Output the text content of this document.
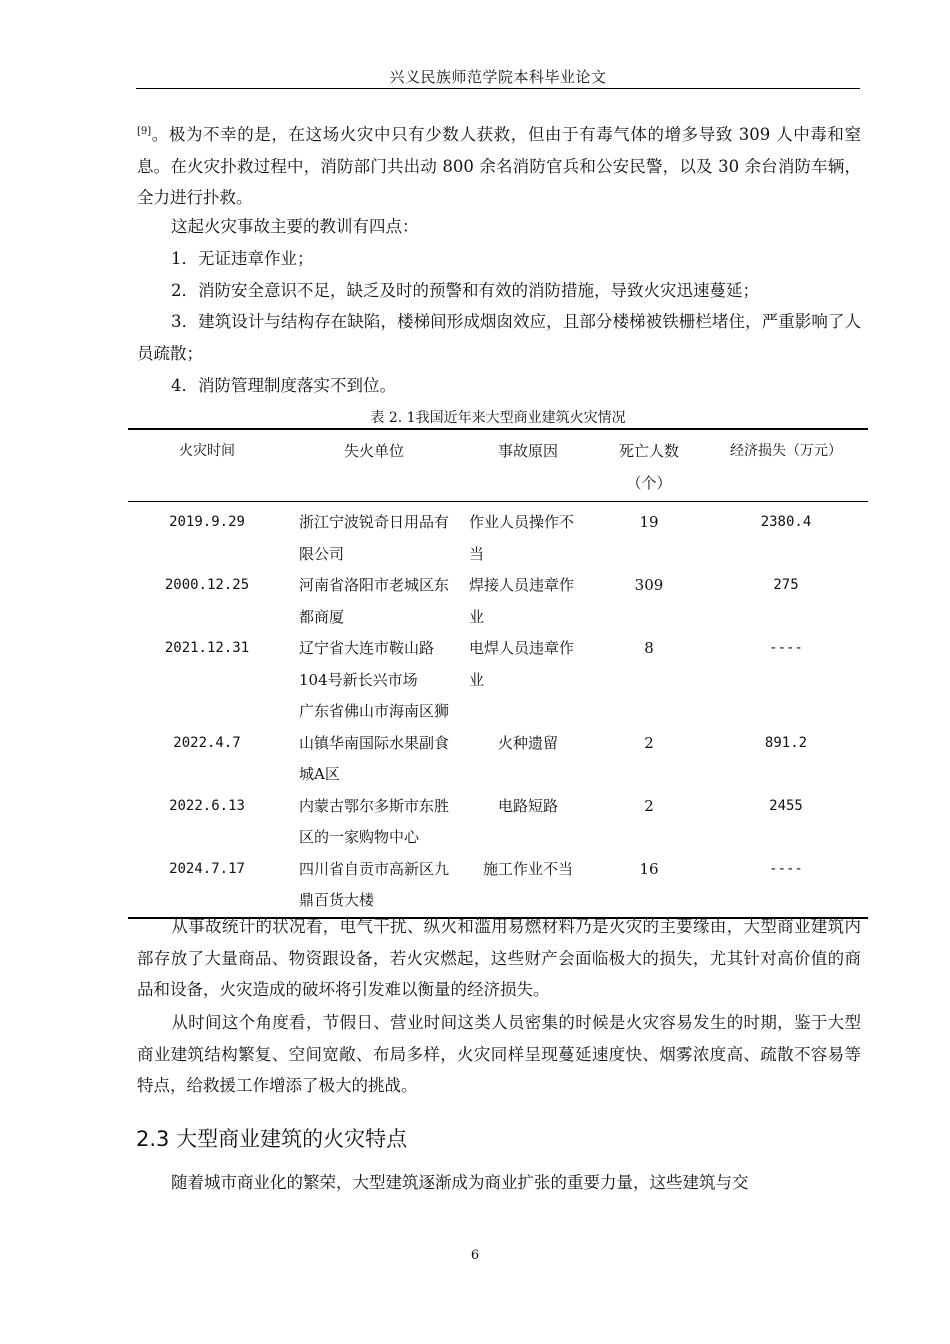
兴义民族师范学院本科毕业论文

[9]。极为不幸的是，在这场火灾中只有少数人获救，但由于有毒气体的增多导致 309 人中毒和窒息。在火灾扑救过程中，消防部门共出动 800 余名消防官兵和公安民警，以及 30 余台消防车辆，全力进行扑救。

这起火灾事故主要的教训有四点：

1．无证违章作业；

2．消防安全意识不足，缺乏及时的预警和有效的消防措施，导致火灾迅速蔓延；

3．建筑设计与结构存在缺陷，楼梯间形成烟囱效应，且部分楼梯被铁栅栏堵住，严重影响了人员疏散；

4．消防管理制度落实不到位。

表 2. 1我国近年来大型商业建筑火灾情况
火灾时间	失火单位	事故原因	死亡人数（个）	经济损失（万元）
2019.9.29	浙江宁波锐奇日用品有限公司	作业人员操作不当	19	2380.4
2000.12.25	河南省洛阳市老城区东都商厦	焊接人员违章作业	309	275
2021.12.31	辽宁省大连市鞍山路104号新长兴市场	电焊人员违章作业	8	----
2022.4.7	广东省佛山市海南区狮山镇华南国际水果副食城A区	火种遗留	2	891.2
2022.6.13	内蒙古鄂尔多斯市东胜区的一家购物中心	电路短路	2	2455
2024.7.17	四川省自贡市高新区九鼎百货大楼	施工作业不当	16	----

从事故统计的状况看，电气干扰、纵火和滥用易燃材料乃是火灾的主要缘由，大型商业建筑内部存放了大量商品、物资跟设备，若火灾燃起，这些财产会面临极大的损失，尤其针对高价值的商品和设备，火灾造成的破坏将引发难以衡量的经济损失。

从时间这个角度看，节假日、营业时间这类人员密集的时候是火灾容易发生的时期，鉴于大型商业建筑结构繁复、空间宽敞、布局多样，火灾同样呈现蔓延速度快、烟雾浓度高、疏散不容易等特点，给救援工作增添了极大的挑战。

2.3 大型商业建筑的火灾特点

随着城市商业化的繁荣，大型建筑逐渐成为商业扩张的重要力量，这些建筑与交

6
